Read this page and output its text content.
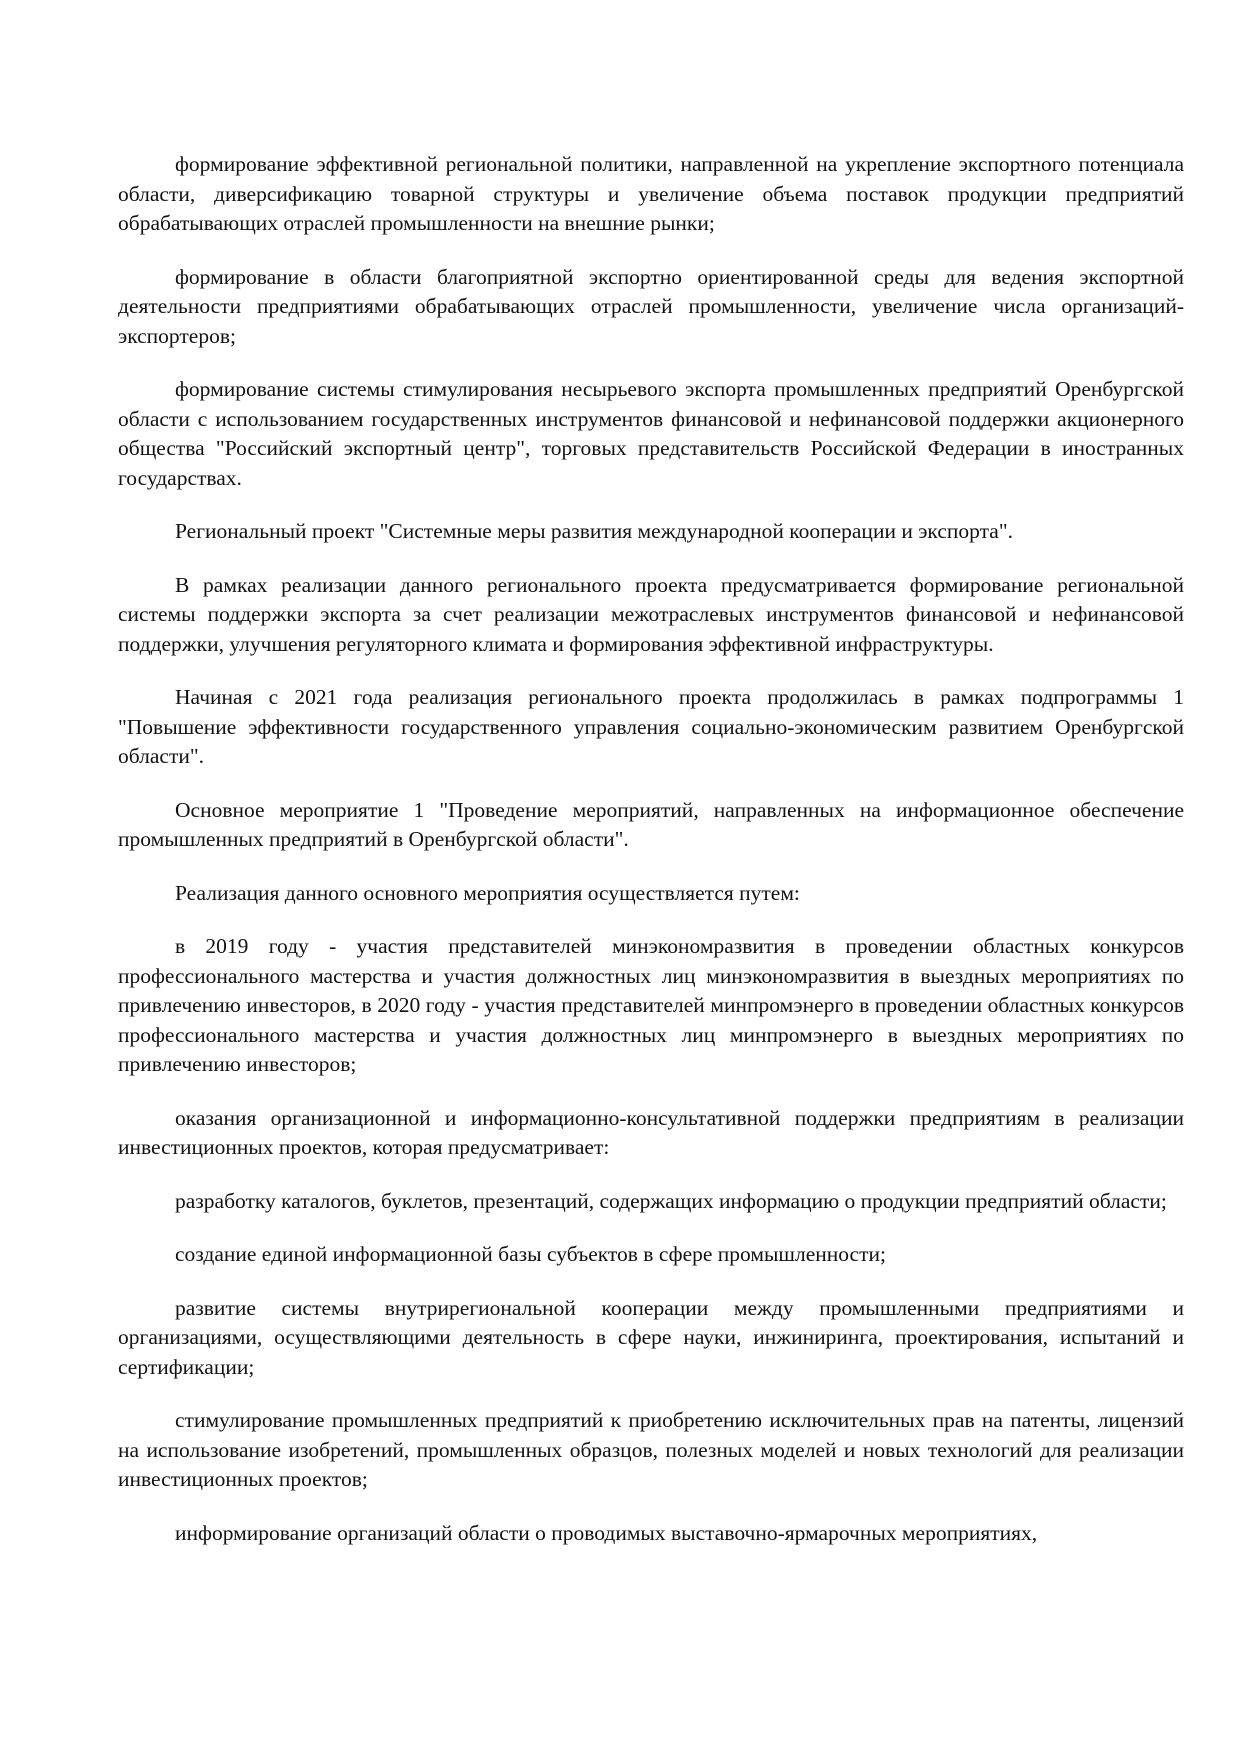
формирование эффективной региональной политики, направленной на укрепление экспортного потенциала области, диверсификацию товарной структуры и увеличение объема поставок продукции предприятий обрабатывающих отраслей промышленности на внешние рынки;

формирование в области благоприятной экспортно ориентированной среды для ведения экспортной деятельности предприятиями обрабатывающих отраслей промышленности, увеличение числа организаций-экспортеров;

формирование системы стимулирования несырьевого экспорта промышленных предприятий Оренбургской области с использованием государственных инструментов финансовой и нефинансовой поддержки акционерного общества "Российский экспортный центр", торговых представительств Российской Федерации в иностранных государствах.

Региональный проект "Системные меры развития международной кооперации и экспорта".

В рамках реализации данного регионального проекта предусматривается формирование региональной системы поддержки экспорта за счет реализации межотраслевых инструментов финансовой и нефинансовой поддержки, улучшения регуляторного климата и формирования эффективной инфраструктуры.

Начиная с 2021 года реализация регионального проекта продолжилась в рамках подпрограммы 1 "Повышение эффективности государственного управления социально-экономическим развитием Оренбургской области".

Основное мероприятие 1 "Проведение мероприятий, направленных на информационное обеспечение промышленных предприятий в Оренбургской области".

Реализация данного основного мероприятия осуществляется путем:

в 2019 году - участия представителей минэкономразвития в проведении областных конкурсов профессионального мастерства и участия должностных лиц минэкономразвития в выездных мероприятиях по привлечению инвесторов, в 2020 году - участия представителей минпромэнерго в проведении областных конкурсов профессионального мастерства и участия должностных лиц минпромэнерго в выездных мероприятиях по привлечению инвесторов;

оказания организационной и информационно-консультативной поддержки предприятиям в реализации инвестиционных проектов, которая предусматривает:

разработку каталогов, буклетов, презентаций, содержащих информацию о продукции предприятий области;

создание единой информационной базы субъектов в сфере промышленности;

развитие системы внутрирегиональной кооперации между промышленными предприятиями и организациями, осуществляющими деятельность в сфере науки, инжиниринга, проектирования, испытаний и сертификации;

стимулирование промышленных предприятий к приобретению исключительных прав на патенты, лицензий на использование изобретений, промышленных образцов, полезных моделей и новых технологий для реализации инвестиционных проектов;

информирование организаций области о проводимых выставочно-ярмарочных мероприятиях,
